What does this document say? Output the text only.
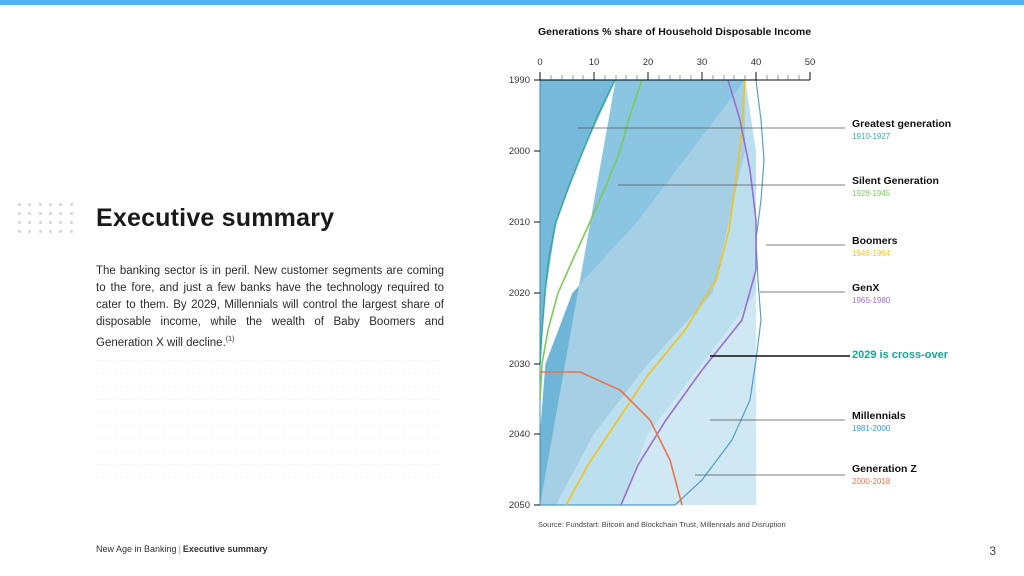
Executive summary
The banking sector is in peril. New customer segments are coming to the fore, and just a few banks have the technology required to cater to them. By 2029, Millennials will control the largest share of disposable income, while the wealth of Baby Boomers and Generation X will decline.$^{(1)}$
New Age in Banking | Executive summary	3
Generations % share of Household Disposable Income
0	10	20	30	40	50
1990
2000
2010
2020
2030
2040
2050
Greatest generation
1910-1927
Silent Generation
1928-1945
Boomers
1946-1964
GenX
1965-1980
2029 is cross-over
Millennials
1981-2000
Generation Z
2000-2018
Source: Fundstart: Bitcoin and Blockchain Trust, Millennials and Disruption
